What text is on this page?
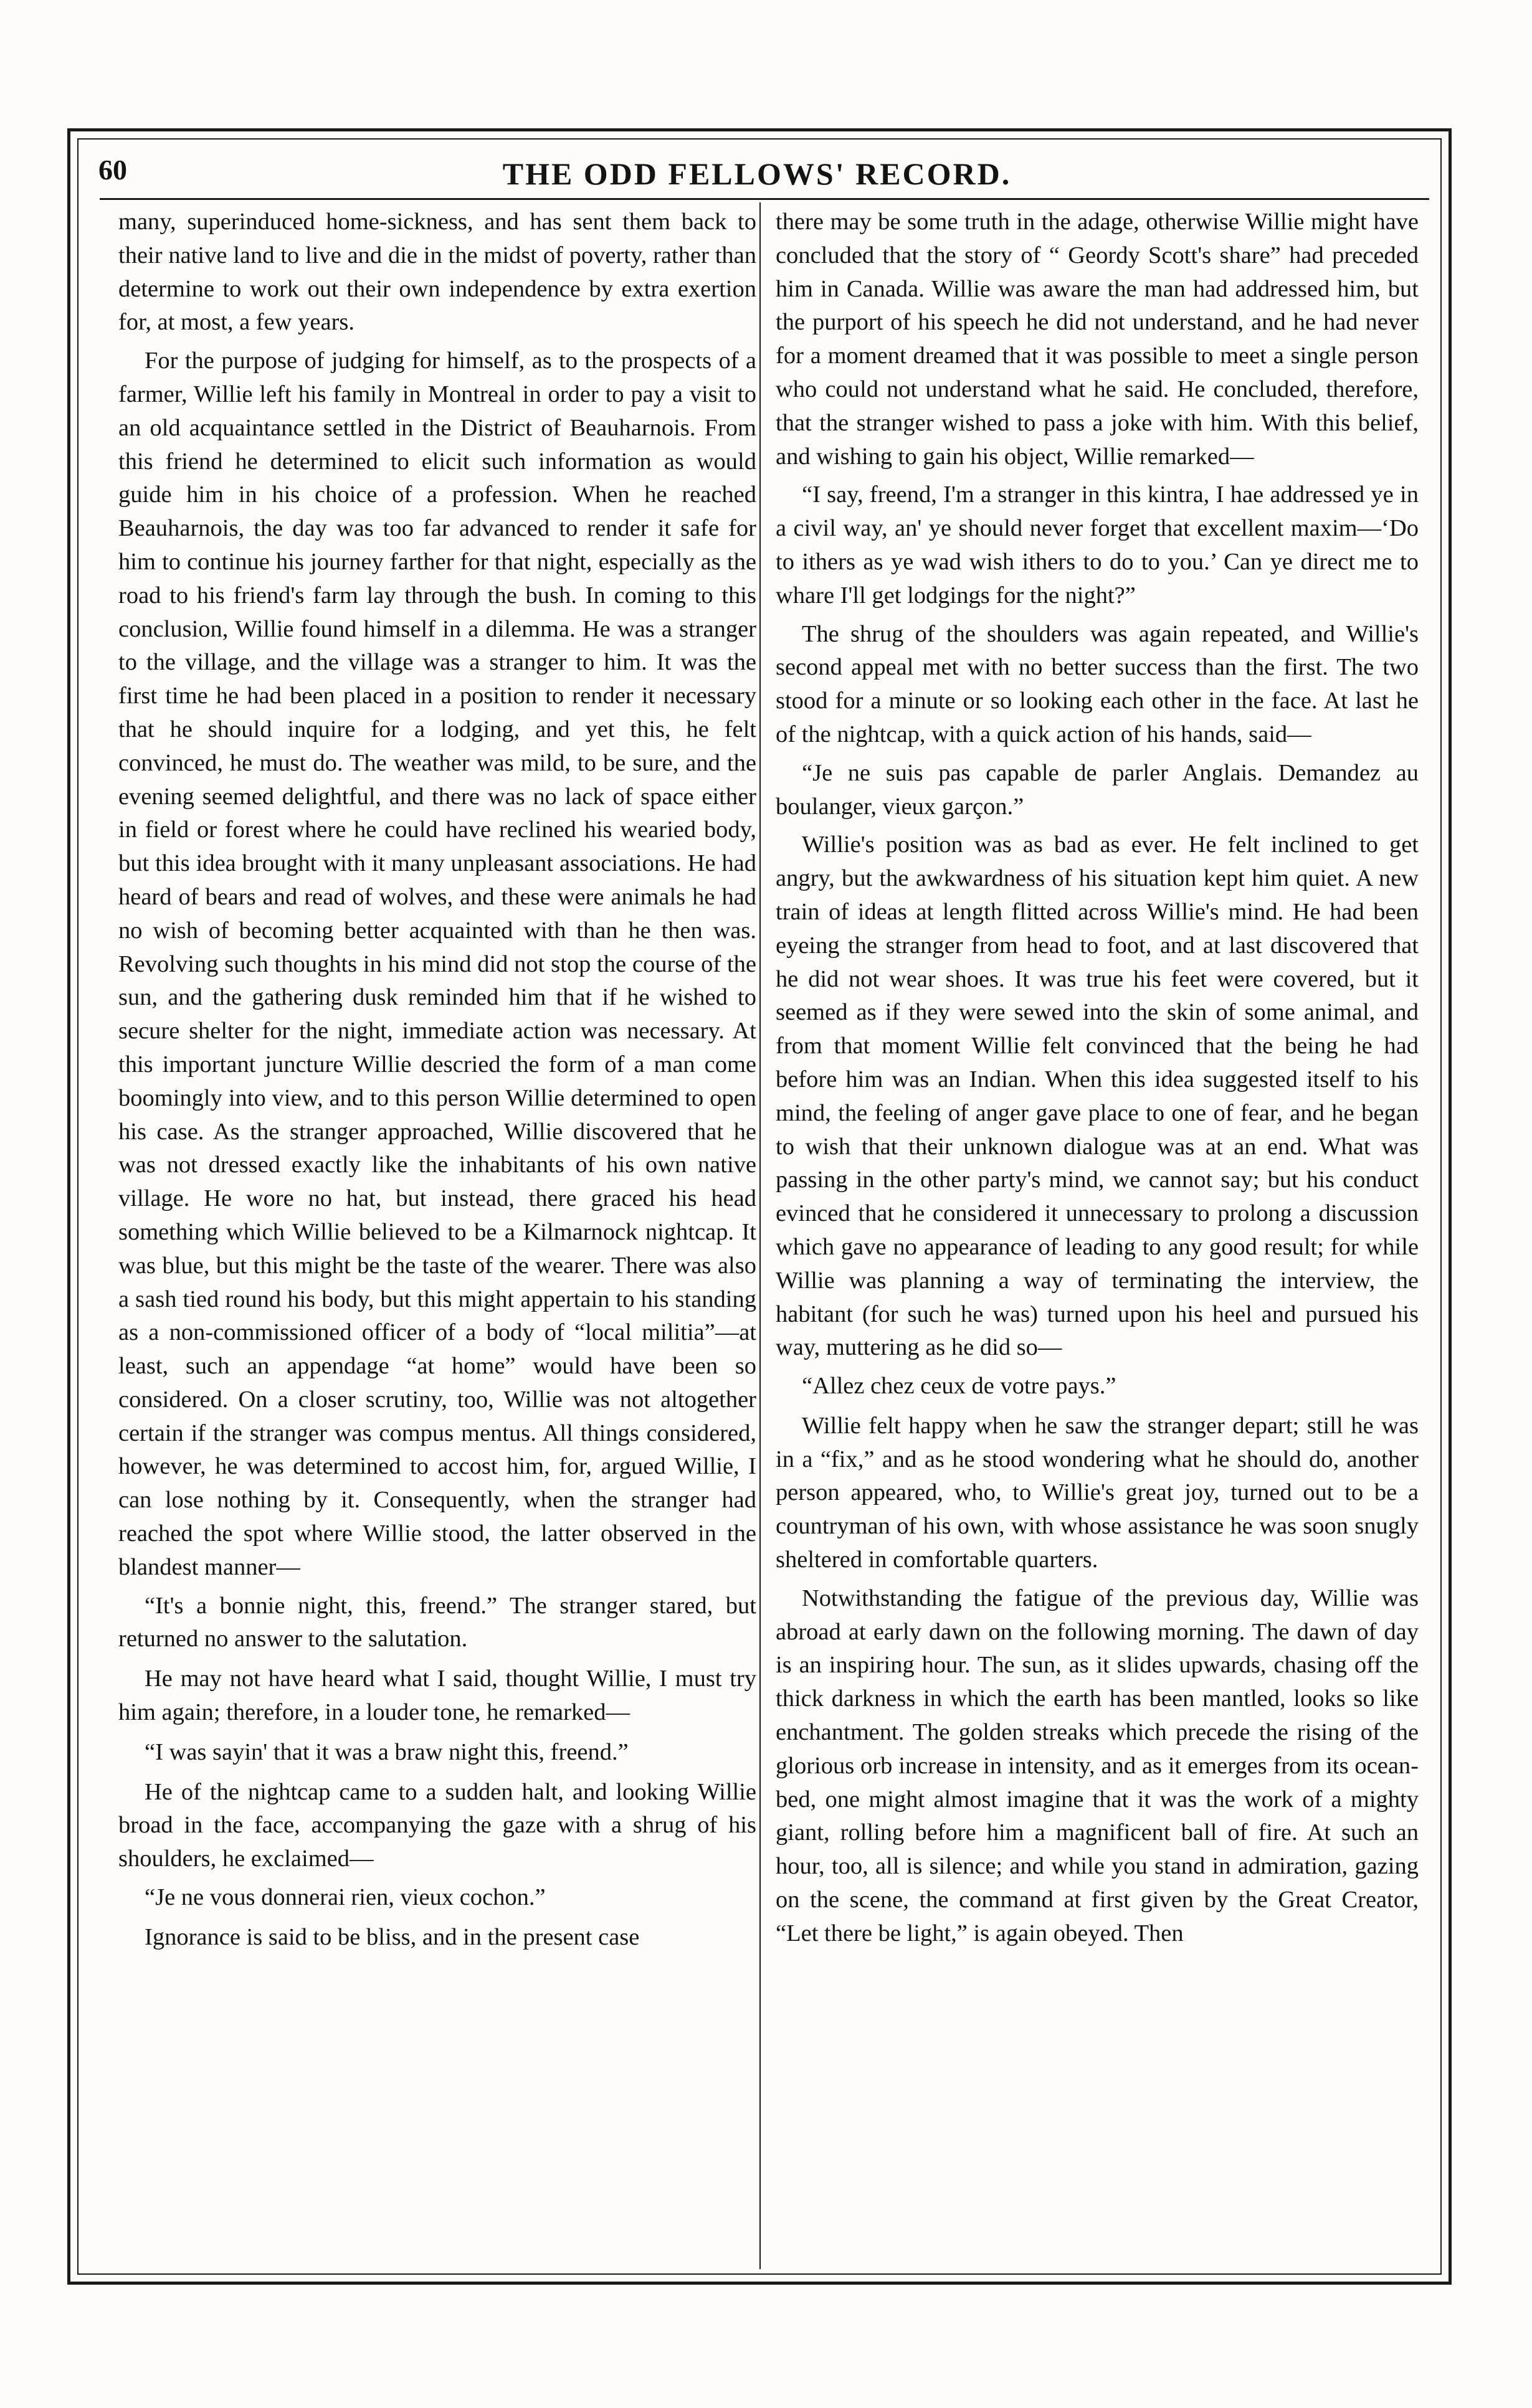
60	THE ODD FELLOWS' RECORD.

many, superinduced home-sickness, and has sent them back to their native land to live and die in the midst of poverty, rather than determine to work out their own independence by extra exertion for, at most, a few years.

For the purpose of judging for himself, as to the prospects of a farmer, Willie left his family in Montreal in order to pay a visit to an old acquaintance settled in the District of Beauharnois. From this friend he determined to elicit such information as would guide him in his choice of a profession. When he reached Beauharnois, the day was too far advanced to render it safe for him to continue his journey farther for that night, especially as the road to his friend's farm lay through the bush. In coming to this conclusion, Willie found himself in a dilemma. He was a stranger to the village, and the village was a stranger to him. It was the first time he had been placed in a position to render it necessary that he should inquire for a lodging, and yet this, he felt convinced, he must do. The weather was mild, to be sure, and the evening seemed delightful, and there was no lack of space either in field or forest where he could have reclined his wearied body, but this idea brought with it many unpleasant associations. He had heard of bears and read of wolves, and these were animals he had no wish of becoming better acquainted with than he then was. Revolving such thoughts in his mind did not stop the course of the sun, and the gathering dusk reminded him that if he wished to secure shelter for the night, immediate action was necessary. At this important juncture Willie descried the form of a man come boomingly into view, and to this person Willie determined to open his case. As the stranger approached, Willie discovered that he was not dressed exactly like the inhabitants of his own native village. He wore no hat, but instead, there graced his head something which Willie believed to be a Kilmarnock nightcap. It was blue, but this might be the taste of the wearer. There was also a sash tied round his body, but this might appertain to his standing as a non-commissioned officer of a body of “local militia”—at least, such an appendage “at home” would have been so considered. On a closer scrutiny, too, Willie was not altogether certain if the stranger was compus mentus. All things considered, however, he was determined to accost him, for, argued Willie, I can lose nothing by it. Consequently, when the stranger had reached the spot where Willie stood, the latter observed in the blandest manner—

“It's a bonnie night, this, freend.” The stranger stared, but returned no answer to the salutation.

He may not have heard what I said, thought Willie, I must try him again; therefore, in a louder tone, he remarked—

“I was sayin' that it was a braw night this, freend.”

He of the nightcap came to a sudden halt, and looking Willie broad in the face, accompanying the gaze with a shrug of his shoulders, he exclaimed—

“Je ne vous donnerai rien, vieux cochon.”

Ignorance is said to be bliss, and in the present case

there may be some truth in the adage, otherwise Willie might have concluded that the story of “ Geordy Scott's share” had preceded him in Canada. Willie was aware the man had addressed him, but the purport of his speech he did not understand, and he had never for a moment dreamed that it was possible to meet a single person who could not understand what he said. He concluded, therefore, that the stranger wished to pass a joke with him. With this belief, and wishing to gain his object, Willie remarked—

“I say, freend, I'm a stranger in this kintra, I hae addressed ye in a civil way, an' ye should never forget that excellent maxim—‘Do to ithers as ye wad wish ithers to do to you.’ Can ye direct me to whare I'll get lodgings for the night?”

The shrug of the shoulders was again repeated, and Willie's second appeal met with no better success than the first. The two stood for a minute or so looking each other in the face. At last he of the nightcap, with a quick action of his hands, said—

“Je ne suis pas capable de parler Anglais. Demandez au boulanger, vieux garçon.”

Willie's position was as bad as ever. He felt inclined to get angry, but the awkwardness of his situation kept him quiet. A new train of ideas at length flitted across Willie's mind. He had been eyeing the stranger from head to foot, and at last discovered that he did not wear shoes. It was true his feet were covered, but it seemed as if they were sewed into the skin of some animal, and from that moment Willie felt convinced that the being he had before him was an Indian. When this idea suggested itself to his mind, the feeling of anger gave place to one of fear, and he began to wish that their unknown dialogue was at an end. What was passing in the other party's mind, we cannot say; but his conduct evinced that he considered it unnecessary to prolong a discussion which gave no appearance of leading to any good result; for while Willie was planning a way of terminating the interview, the habitant (for such he was) turned upon his heel and pursued his way, muttering as he did so—

“Allez chez ceux de votre pays.”

Willie felt happy when he saw the stranger depart; still he was in a “fix,” and as he stood wondering what he should do, another person appeared, who, to Willie's great joy, turned out to be a countryman of his own, with whose assistance he was soon snugly sheltered in comfortable quarters.

Notwithstanding the fatigue of the previous day, Willie was abroad at early dawn on the following morning. The dawn of day is an inspiring hour. The sun, as it slides upwards, chasing off the thick darkness in which the earth has been mantled, looks so like enchantment. The golden streaks which precede the rising of the glorious orb increase in intensity, and as it emerges from its ocean-bed, one might almost imagine that it was the work of a mighty giant, rolling before him a magnificent ball of fire. At such an hour, too, all is silence; and while you stand in admiration, gazing on the scene, the command at first given by the Great Creator, “Let there be light,” is again obeyed. Then
